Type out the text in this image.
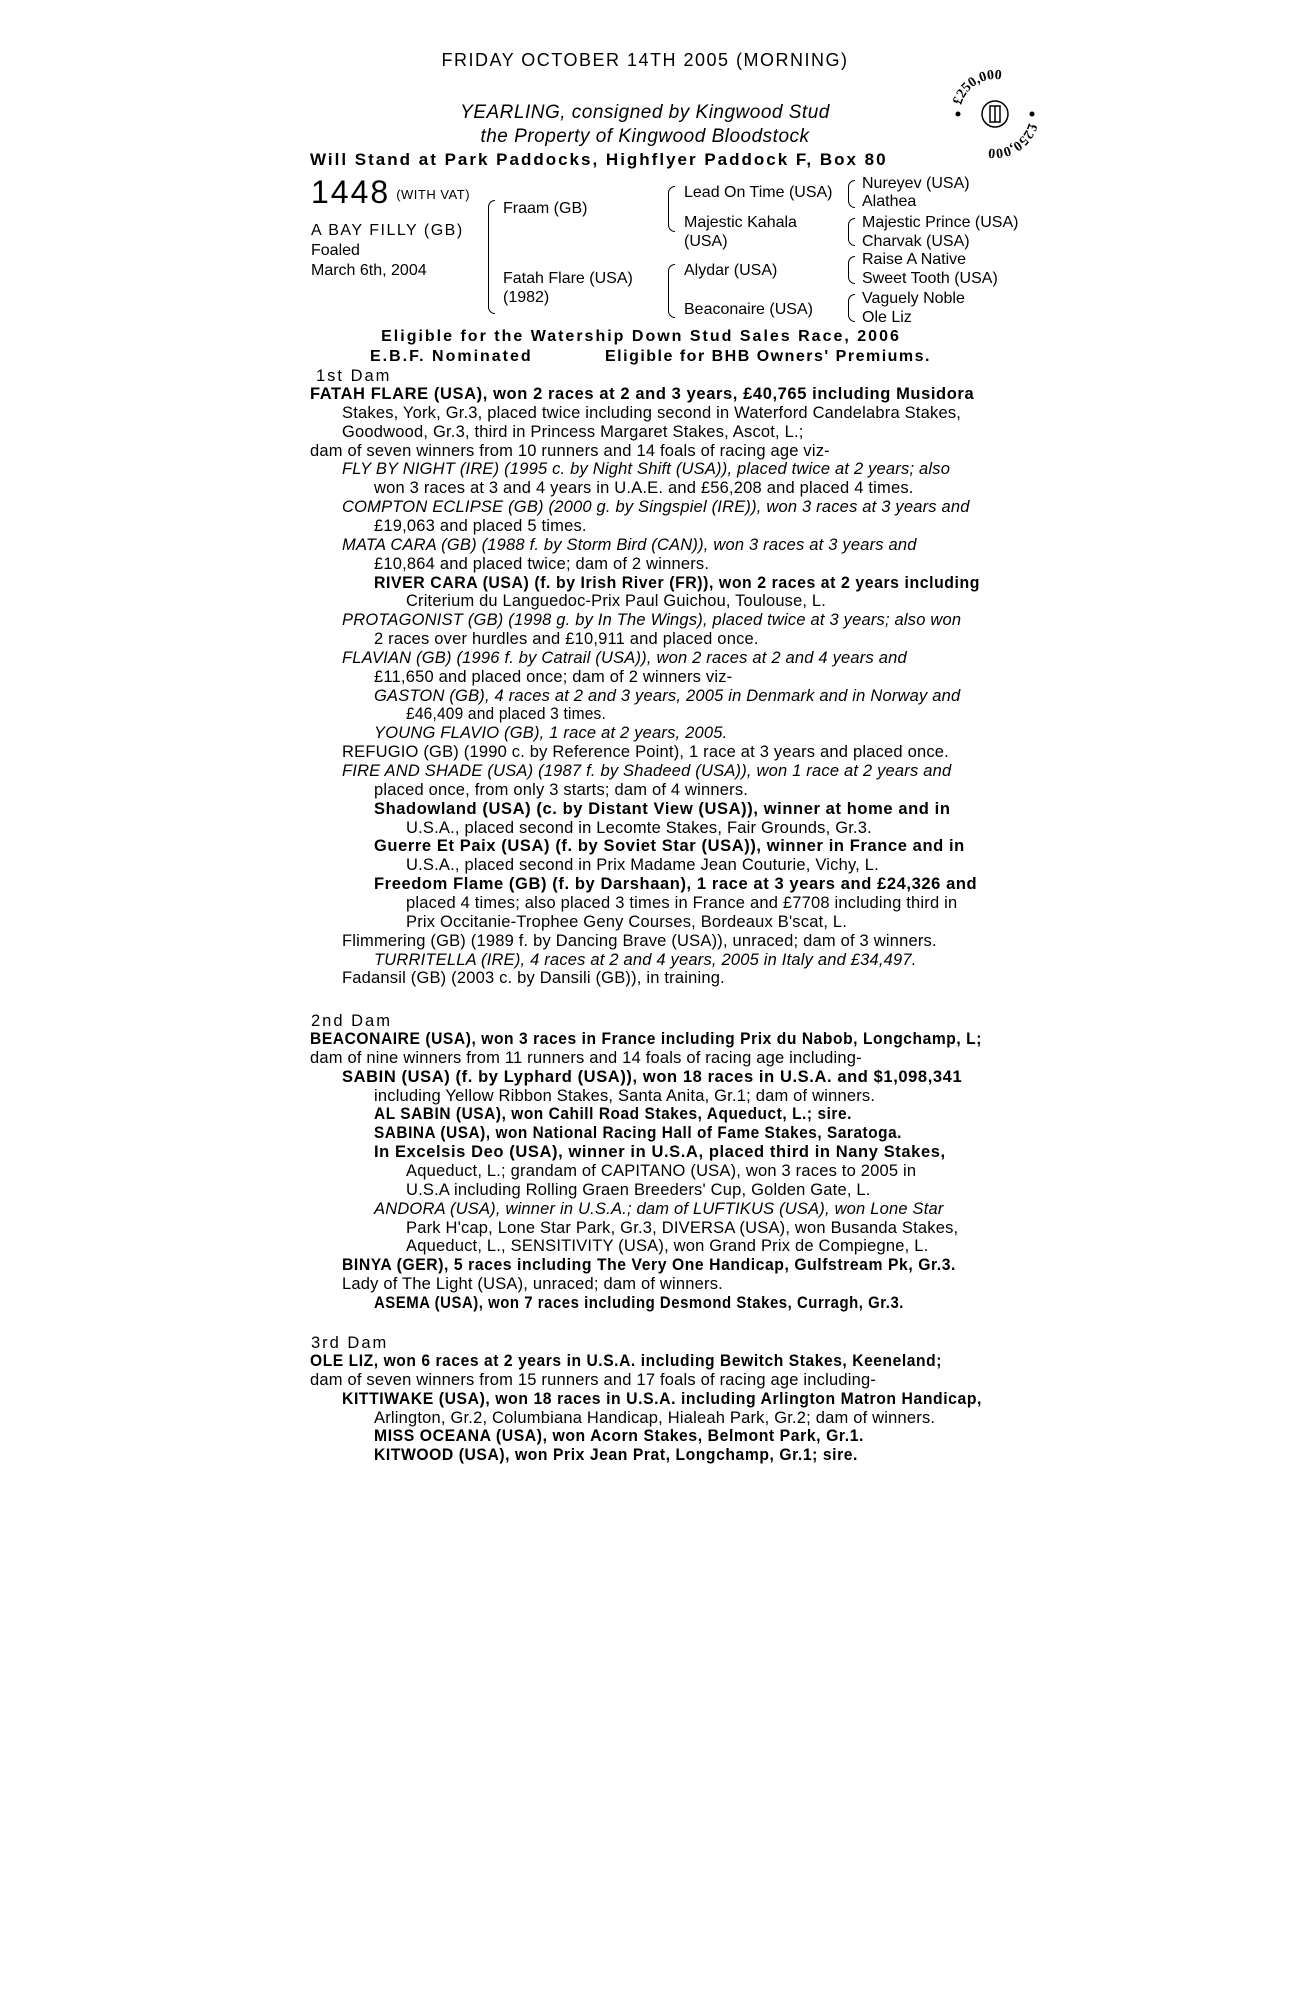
FRIDAY OCTOBER 14TH 2005 (MORNING)
YEARLING, consigned by Kingwood Stud
the Property of Kingwood Bloodstock
Will Stand at Park Paddocks, Highflyer Paddock F, Box 80
£250,000
£250,000
1448 (WITH VAT)
A BAY FILLY (GB)
Foaled
March 6th, 2004
Fraam (GB)
Fatah Flare (USA)
(1982)
Lead On Time (USA)
Majestic Kahala
(USA)
Alydar (USA)
Beaconaire (USA)
Nureyev (USA)
Alathea
Majestic Prince (USA)
Charvak (USA)
Raise A Native
Sweet Tooth (USA)
Vaguely Noble
Ole Liz
Eligible for the Watership Down Stud Sales Race, 2006
E.B.F. Nominated	Eligible for BHB Owners' Premiums.
1st Dam
FATAH FLARE (USA), won 2 races at 2 and 3 years, £40,765 including Musidora
Stakes, York, Gr.3, placed twice including second in Waterford Candelabra Stakes,
Goodwood, Gr.3, third in Princess Margaret Stakes, Ascot, L.;
dam of seven winners from 10 runners and 14 foals of racing age viz-
FLY BY NIGHT (IRE) (1995 c. by Night Shift (USA)), placed twice at 2 years; also
won 3 races at 3 and 4 years in U.A.E. and £56,208 and placed 4 times.
COMPTON ECLIPSE (GB) (2000 g. by Singspiel (IRE)), won 3 races at 3 years and
£19,063 and placed 5 times.
MATA CARA (GB) (1988 f. by Storm Bird (CAN)), won 3 races at 3 years and
£10,864 and placed twice; dam of 2 winners.
RIVER CARA (USA) (f. by Irish River (FR)), won 2 races at 2 years including
Criterium du Languedoc-Prix Paul Guichou, Toulouse, L.
PROTAGONIST (GB) (1998 g. by In The Wings), placed twice at 3 years; also won
2 races over hurdles and £10,911 and placed once.
FLAVIAN (GB) (1996 f. by Catrail (USA)), won 2 races at 2 and 4 years and
£11,650 and placed once; dam of 2 winners viz-
GASTON (GB), 4 races at 2 and 3 years, 2005 in Denmark and in Norway and
£46,409 and placed 3 times.
YOUNG FLAVIO (GB), 1 race at 2 years, 2005.
REFUGIO (GB) (1990 c. by Reference Point), 1 race at 3 years and placed once.
FIRE AND SHADE (USA) (1987 f. by Shadeed (USA)), won 1 race at 2 years and
placed once, from only 3 starts; dam of 4 winners.
Shadowland (USA) (c. by Distant View (USA)), winner at home and in
U.S.A., placed second in Lecomte Stakes, Fair Grounds, Gr.3.
Guerre Et Paix (USA) (f. by Soviet Star (USA)), winner in France and in
U.S.A., placed second in Prix Madame Jean Couturie, Vichy, L.
Freedom Flame (GB) (f. by Darshaan), 1 race at 3 years and £24,326 and
placed 4 times; also placed 3 times in France and £7708 including third in
Prix Occitanie-Trophee Geny Courses, Bordeaux B'scat, L.
Flimmering (GB) (1989 f. by Dancing Brave (USA)), unraced; dam of 3 winners.
TURRITELLA (IRE), 4 races at 2 and 4 years, 2005 in Italy and £34,497.
Fadansil (GB) (2003 c. by Dansili (GB)), in training.
2nd Dam
BEACONAIRE (USA), won 3 races in France including Prix du Nabob, Longchamp, L;
dam of nine winners from 11 runners and 14 foals of racing age including-
SABIN (USA) (f. by Lyphard (USA)), won 18 races in U.S.A. and $1,098,341
including Yellow Ribbon Stakes, Santa Anita, Gr.1; dam of winners.
AL SABIN (USA), won Cahill Road Stakes, Aqueduct, L.; sire.
SABINA (USA), won National Racing Hall of Fame Stakes, Saratoga.
In Excelsis Deo (USA), winner in U.S.A, placed third in Nany Stakes,
Aqueduct, L.; grandam of CAPITANO (USA), won 3 races to 2005 in
U.S.A including Rolling Graen Breeders' Cup, Golden Gate, L.
ANDORA (USA), winner in U.S.A.; dam of LUFTIKUS (USA), won Lone Star
Park H'cap, Lone Star Park, Gr.3, DIVERSA (USA), won Busanda Stakes,
Aqueduct, L., SENSITIVITY (USA), won Grand Prix de Compiegne, L.
BINYA (GER), 5 races including The Very One Handicap, Gulfstream Pk, Gr.3.
Lady of The Light (USA), unraced; dam of winners.
ASEMA (USA), won 7 races including Desmond Stakes, Curragh, Gr.3.
3rd Dam
OLE LIZ, won 6 races at 2 years in U.S.A. including Bewitch Stakes, Keeneland;
dam of seven winners from 15 runners and 17 foals of racing age including-
KITTIWAKE (USA), won 18 races in U.S.A. including Arlington Matron Handicap,
Arlington, Gr.2, Columbiana Handicap, Hialeah Park, Gr.2; dam of winners.
MISS OCEANA (USA), won Acorn Stakes, Belmont Park, Gr.1.
KITWOOD (USA), won Prix Jean Prat, Longchamp, Gr.1; sire.
